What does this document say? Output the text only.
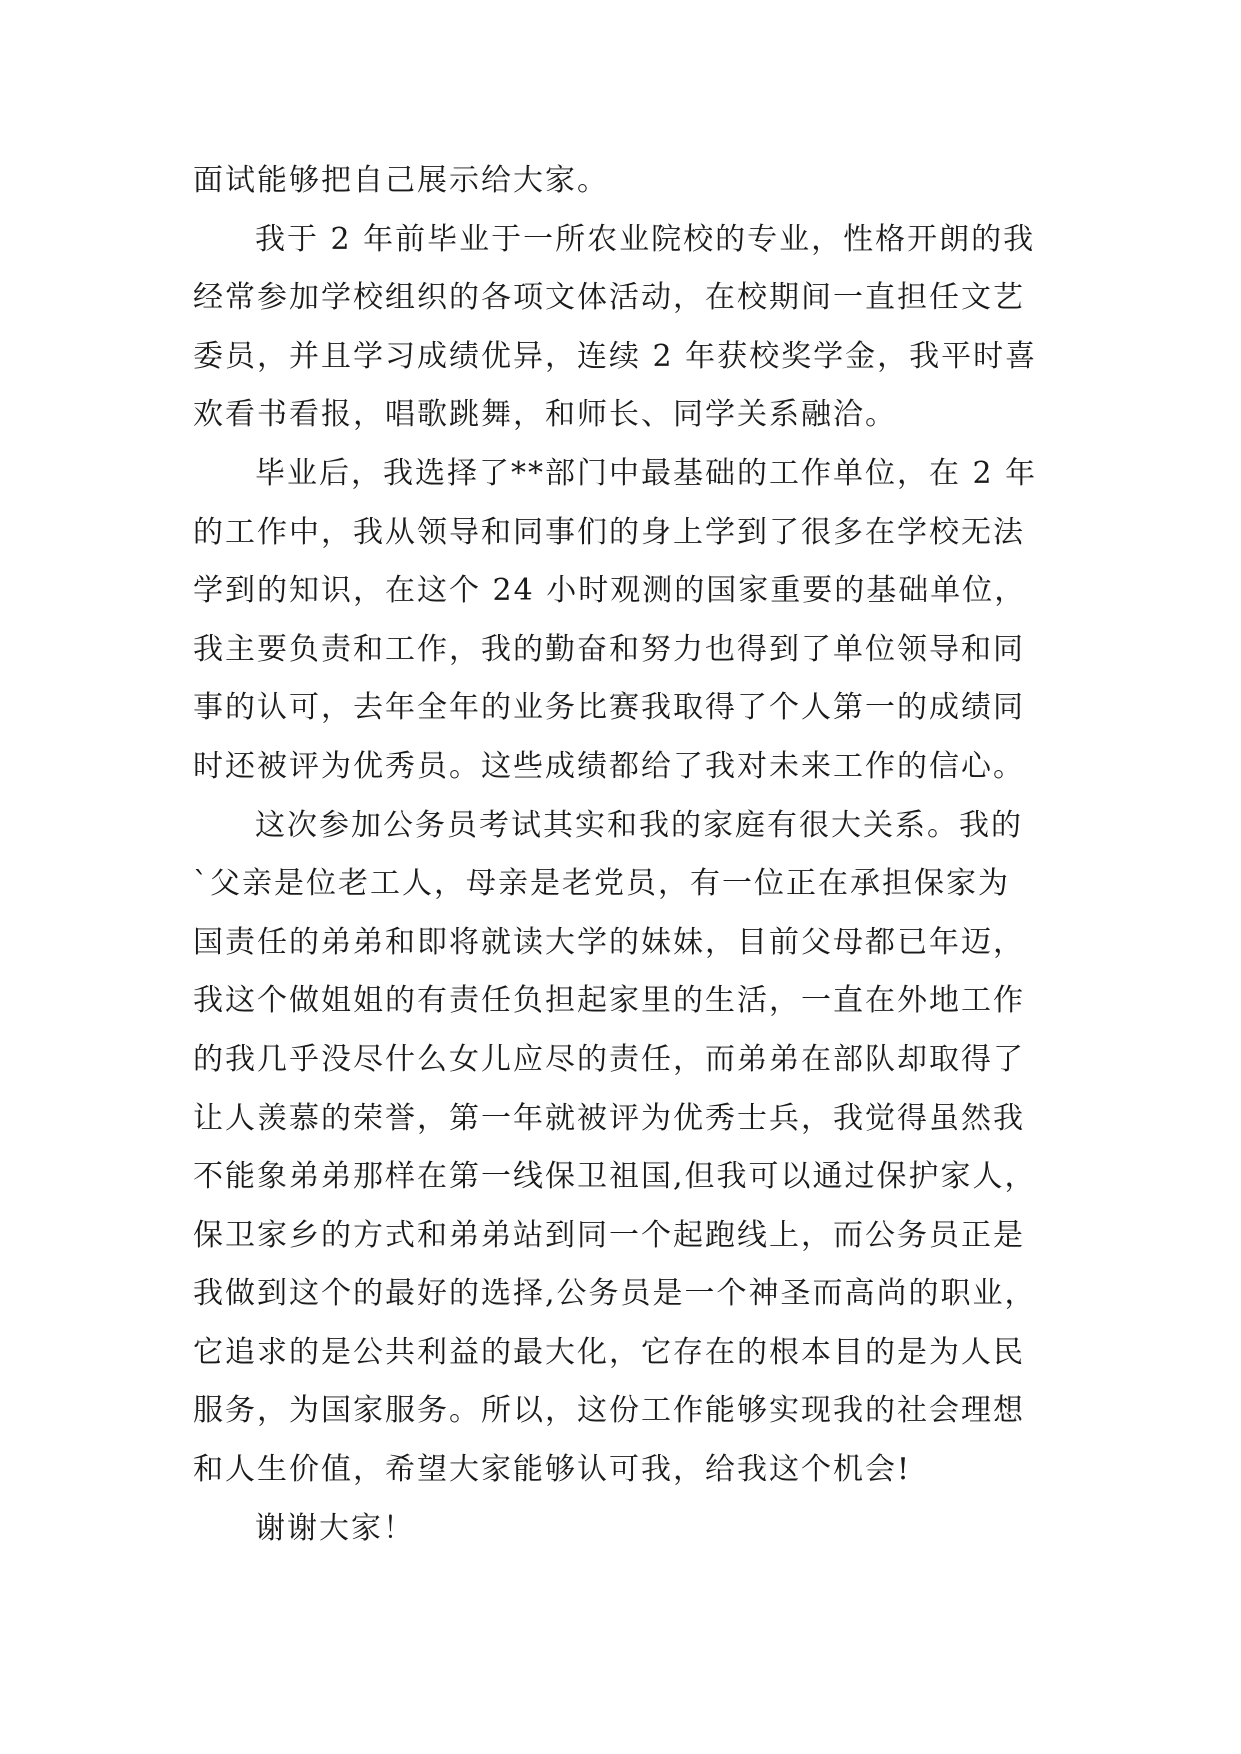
面试能够把自己展示给大家。
我于 2 年前毕业于一所农业院校的专业，性格开朗的我
经常参加学校组织的各项文体活动，在校期间一直担任文艺
委员，并且学习成绩优异，连续 2 年获校奖学金，我平时喜
欢看书看报，唱歌跳舞，和师长、同学关系融洽。
毕业后，我选择了**部门中最基础的工作单位，在 2 年
的工作中，我从领导和同事们的身上学到了很多在学校无法
学到的知识，在这个 24 小时观测的国家重要的基础单位，
我主要负责和工作，我的勤奋和努力也得到了单位领导和同
事的认可，去年全年的业务比赛我取得了个人第一的成绩同
时还被评为优秀员。这些成绩都给了我对未来工作的信心。
这次参加公务员考试其实和我的家庭有很大关系。我的
`父亲是位老工人，母亲是老党员，有一位正在承担保家为
国责任的弟弟和即将就读大学的妹妹，目前父母都已年迈，
我这个做姐姐的有责任负担起家里的生活，一直在外地工作
的我几乎没尽什么女儿应尽的责任，而弟弟在部队却取得了
让人羡慕的荣誉，第一年就被评为优秀士兵，我觉得虽然我
不能象弟弟那样在第一线保卫祖国,但我可以通过保护家人，
保卫家乡的方式和弟弟站到同一个起跑线上，而公务员正是
我做到这个的最好的选择,公务员是一个神圣而高尚的职业，
它追求的是公共利益的最大化，它存在的根本目的是为人民
服务，为国家服务。所以，这份工作能够实现我的社会理想
和人生价值，希望大家能够认可我，给我这个机会!
谢谢大家！
